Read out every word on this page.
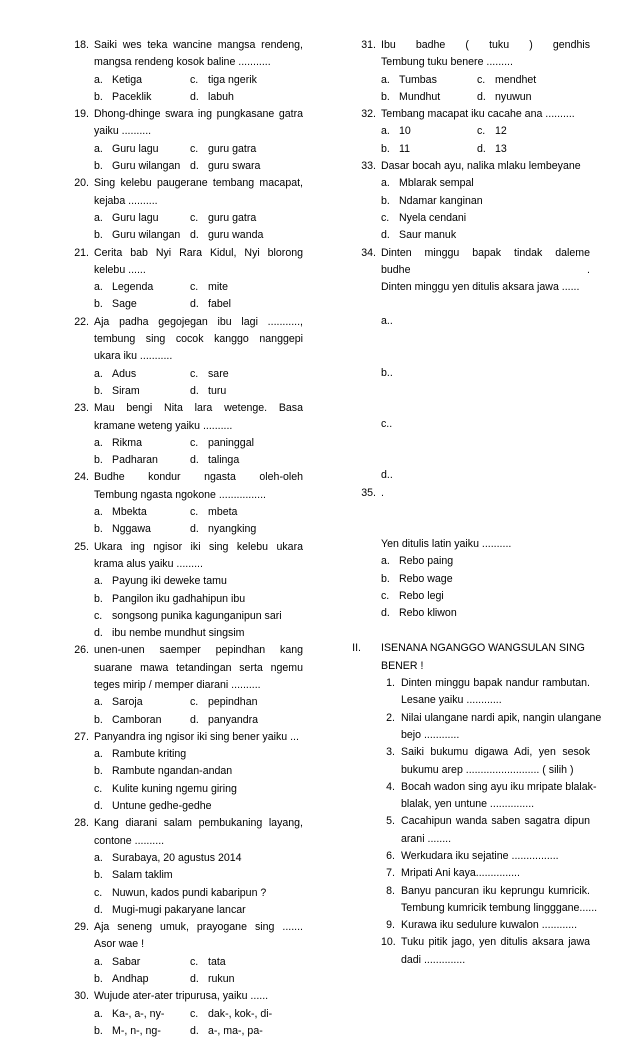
18. Saiki wes teka wancine mangsa rendeng,
mangsa rendeng kosok baline ...........
a. Ketiga	c. tiga ngerik
b. Paceklik	d. labuh
19. Dhong-dhinge swara ing pungkasane gatra
yaiku ..........
a. Guru lagu	c. guru gatra
b. Guru wilangan d. guru swara
20. Sing kelebu paugerane tembang macapat,
kejaba ..........
a. Guru lagu	c. guru gatra
b. Guru wilangan d. guru wanda
21. Cerita bab Nyi Rara Kidul, Nyi blorong
kelebu ......
a. Legenda	c. mite
b. Sage	d. fabel
22. Aja padha gegojegan ibu lagi ...........,
tembung sing cocok kanggo nanggepi
ukara iku ...........
a. Adus	c. sare
b. Siram	d. turu
23. Mau bengi Nita lara wetenge. Basa
kramane weteng yaiku ..........
a. Rikma	c. paninggal
b. Padharan	d. talinga
24. Budhe kondur ngasta oleh-oleh
Tembung ngasta ngokone ................
a. Mbekta	c. mbeta
b. Nggawa	d. nyangking
25. Ukara ing ngisor iki sing kelebu ukara
krama alus yaiku .........
a. Payung iki deweke tamu
b. Pangilon iku gadhahipun ibu
c. songsong punika kagunganipun sari
d. ibu nembe mundhut singsim
26. unen-unen saemper pepindhan kang
suarane mawa tetandingan serta ngemu
teges mirip / memper diarani ..........
a. Saroja	c. pepindhan
b. Camboran	d. panyandra
27. Panyandra ing ngisor iki sing bener yaiku ...
a. Rambute kriting
b. Rambute ngandan-andan
c. Kulite kuning ngemu giring
d. Untune gedhe-gedhe
28. Kang diarani salam pembukaning layang,
contone ..........
a. Surabaya, 20 agustus 2014
b. Salam taklim
c. Nuwun, kados pundi kabaripun ?
d. Mugi-mugi pakaryane lancar
29. Aja seneng umuk, prayogane sing .......
Asor wae !
a. Sabar	c. tata
b. Andhap	d. rukun
30. Wujude ater-ater tripurusa, yaiku ......
a. Ka-, a-, ny-	c. dak-, kok-, di-
b. M-, n-, ng-	d. a-, ma-, pa-
31. Ibu badhe ( tuku ) gendhis
Tembung tuku benere .........
a. Tumbas	c. mendhet
b. Mundhut	d. nyuwun
32. Tembang macapat iku cacahe ana ..........
a. 10	c. 12
b. 11	d. 13
33. Dasar bocah ayu, nalika mlaku lembeyane
a. Mblarak sempal
b. Ndamar kanginan
c. Nyela cendani
d. Saur manuk
34. Dinten minggu bapak tindak daleme
budhe .
Dinten minggu yen ditulis aksara jawa ......
a..
b..
c..
d..
35. .
Yen ditulis latin yaiku ..........
a. Rebo paing
b. Rebo wage
c. Rebo legi
d. Rebo kliwon
II. ISENANA NGANGGO WANGSULAN SING
BENER !
1. Dinten minggu bapak nandur rambutan.
Lesane yaiku ............
2. Nilai ulangane nardi apik, nangin ulangane
bejo ............
3. Saiki bukumu digawa Adi, yen sesok
bukumu arep ......................... ( silih )
4. Bocah wadon sing ayu iku mripate blalak-
blalak, yen untune ...............
5. Cacahipun wanda saben sagatra dipun
arani ........
6. Werkudara iku sejatine ................
7. Mripati Ani kaya...............
8. Banyu pancuran iku keprungu kumricik.
Tembung kumricik tembung lingggane......
9. Kurawa iku sedulure kuwalon ............
10. Tuku pitik jago, yen ditulis aksara jawa
dadi ..............
